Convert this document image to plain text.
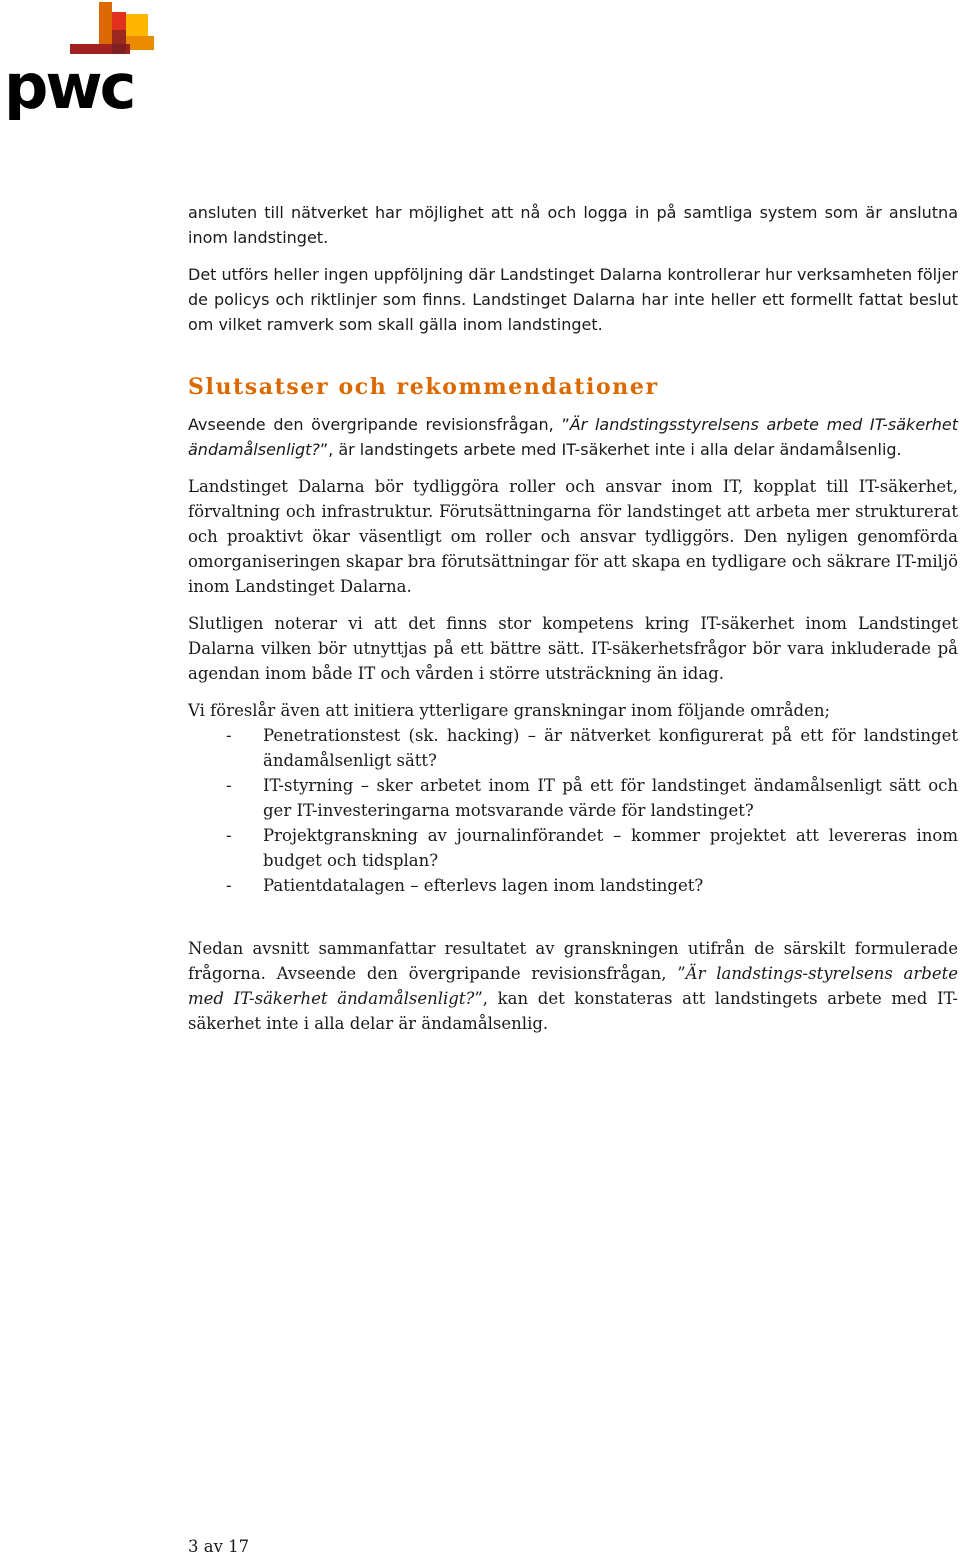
pwc

ansluten till nätverket har möjlighet att nå och logga in på samtliga system som är anslutna inom landstinget.

Det utförs heller ingen uppföljning där Landstinget Dalarna kontrollerar hur verksamheten följer de policys och riktlinjer som finns. Landstinget Dalarna har inte heller ett formellt fattat beslut om vilket ramverk som skall gälla inom landstinget.

Slutsatser och rekommendationer

Avseende den övergripande revisionsfrågan, ”Är landstingsstyrelsens arbete med IT-säkerhet ändamålsenligt?”, är landstingets arbete med IT-säkerhet inte i alla delar ändamålsenlig.

Landstinget Dalarna bör tydliggöra roller och ansvar inom IT, kopplat till IT-säkerhet, förvaltning och infrastruktur. Förutsättningarna för landstinget att arbeta mer strukturerat och proaktivt ökar väsentligt om roller och ansvar tydliggörs. Den nyligen genomförda omorganiseringen skapar bra förutsättningar för att skapa en tydligare och säkrare IT-miljö inom Landstinget Dalarna.

Slutligen noterar vi att det finns stor kompetens kring IT-säkerhet inom Landstinget Dalarna vilken bör utnyttjas på ett bättre sätt. IT-säkerhetsfrågor bör vara inkluderade på agendan inom både IT och vården i större utsträckning än idag.

Vi föreslår även att initiera ytterligare granskningar inom följande områden;

- Penetrationstest (sk. hacking) – är nätverket konfigurerat på ett för landstinget ändamålsenligt sätt?
- IT-styrning – sker arbetet inom IT på ett för landstinget ändamålsenligt sätt och ger IT-investeringarna motsvarande värde för landstinget?
- Projektgranskning av journalinförandet – kommer projektet att levereras inom budget och tidsplan?
- Patientdatalagen – efterlevs lagen inom landstinget?

Nedan avsnitt sammanfattar resultatet av granskningen utifrån de särskilt formulerade frågorna. Avseende den övergripande revisionsfrågan, ”Är landstings-styrelsens arbete med IT-säkerhet ändamålsenligt?”, kan det konstateras att landstingets arbete med IT-säkerhet inte i alla delar är ändamålsenlig.

3 av 17
